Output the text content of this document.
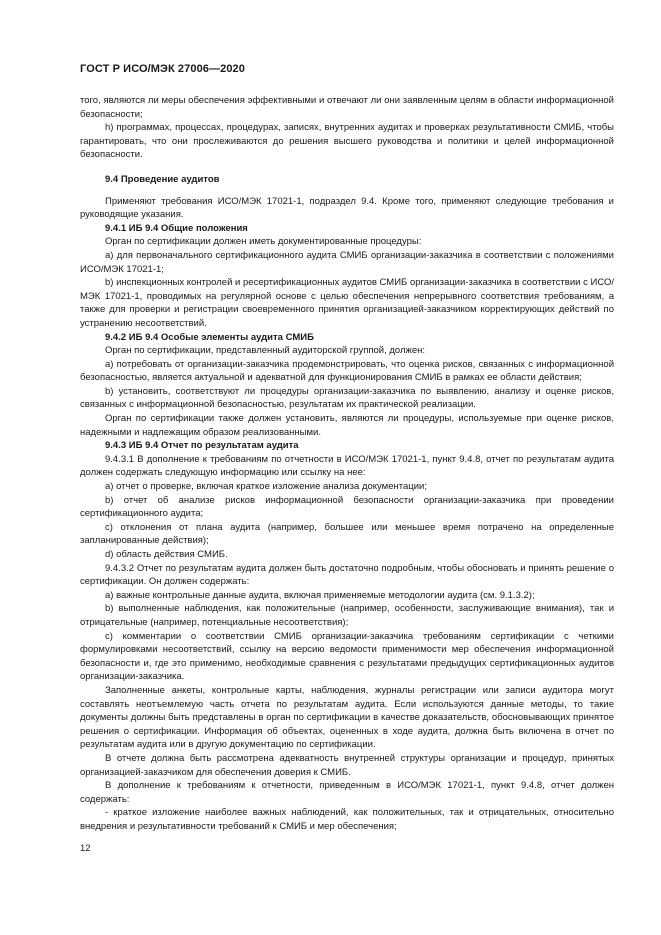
ГОСТ Р ИСО/МЭК 27006—2020

того, являются ли меры обеспечения эффективными и отвечают ли они заявленным целям в области информационной безопасности;

h) программах, процессах, процедурах, записях, внутренних аудитах и проверках результативности СМИБ, чтобы гарантировать, что они прослеживаются до решения высшего руководства и политики и целей информационной безопасности.

9.4 Проведение аудитов

Применяют требования ИСО/МЭК 17021-1, подраздел 9.4. Кроме того, применяют следующие требования и руководящие указания.

9.4.1 ИБ 9.4 Общие положения

Орган по сертификации должен иметь документированные процедуры:

a) для первоначального сертификационного аудита СМИБ организации-заказчика в соответствии с положениями ИСО/МЭК 17021-1;

b) инспекционных контролей и ресертификационных аудитов СМИБ организации-заказчика в соответствии с ИСО/МЭК 17021-1, проводимых на регулярной основе с целью обеспечения непрерывного соответствия требованиям, а также для проверки и регистрации своевременного принятия организацией-заказчиком корректирующих действий по устранению несоответствий.

9.4.2 ИБ 9.4 Особые элементы аудита СМИБ

Орган по сертификации, представленный аудиторской группой, должен:

a) потребовать от организации-заказчика продемонстрировать, что оценка рисков, связанных с информационной безопасностью, является актуальной и адекватной для функционирования СМИБ в рамках ее области действия;

b) установить, соответствуют ли процедуры организации-заказчика по выявлению, анализу и оценке рисков, связанных с информационной безопасностью, результатам их практической реализации.

Орган по сертификации также должен установить, являются ли процедуры, используемые при оценке рисков, надежными и надлежащим образом реализованными.

9.4.3 ИБ 9.4 Отчет по результатам аудита

9.4.3.1 В дополнение к требованиям по отчетности в ИСО/МЭК 17021-1, пункт 9.4.8, отчет по результатам аудита должен содержать следующую информацию или ссылку на нее:

a) отчет о проверке, включая краткое изложение анализа документации;

b) отчет об анализе рисков информационной безопасности организации-заказчика при проведении сертификационного аудита;

c) отклонения от плана аудита (например, большее или меньшее время потрачено на определенные запланированные действия);

d) область действия СМИБ.

9.4.3.2 Отчет по результатам аудита должен быть достаточно подробным, чтобы обосновать и принять решение о сертификации. Он должен содержать:

a) важные контрольные данные аудита, включая применяемые методологии аудита (см. 9.1.3.2);

b) выполненные наблюдения, как положительные (например, особенности, заслуживающие внимания), так и отрицательные (например, потенциальные несоответствия);

c) комментарии о соответствии СМИБ организации-заказчика требованиям сертификации с четкими формулировками несоответствий, ссылку на версию ведомости применимости мер обеспечения информационной безопасности и, где это применимо, необходимые сравнения с результатами предыдущих сертификационных аудитов организации-заказчика.

Заполненные анкеты, контрольные карты, наблюдения, журналы регистрации или записи аудитора могут составлять неотъемлемую часть отчета по результатам аудита. Если используются данные методы, то такие документы должны быть представлены в орган по сертификации в качестве доказательств, обосновывающих принятое решения о сертификации. Информация об объектах, оцененных в ходе аудита, должна быть включена в отчет по результатам аудита или в другую документацию по сертификации.

В отчете должна быть рассмотрена адекватность внутренней структуры организации и процедур, принятых организацией-заказчиком для обеспечения доверия к СМИБ.

В дополнение к требованиям к отчетности, приведенным в ИСО/МЭК 17021-1, пункт 9.4.8, отчет должен содержать:

- краткое изложение наиболее важных наблюдений, как положительных, так и отрицательных, относительно внедрения и результативности требований к СМИБ и мер обеспечения;

12
